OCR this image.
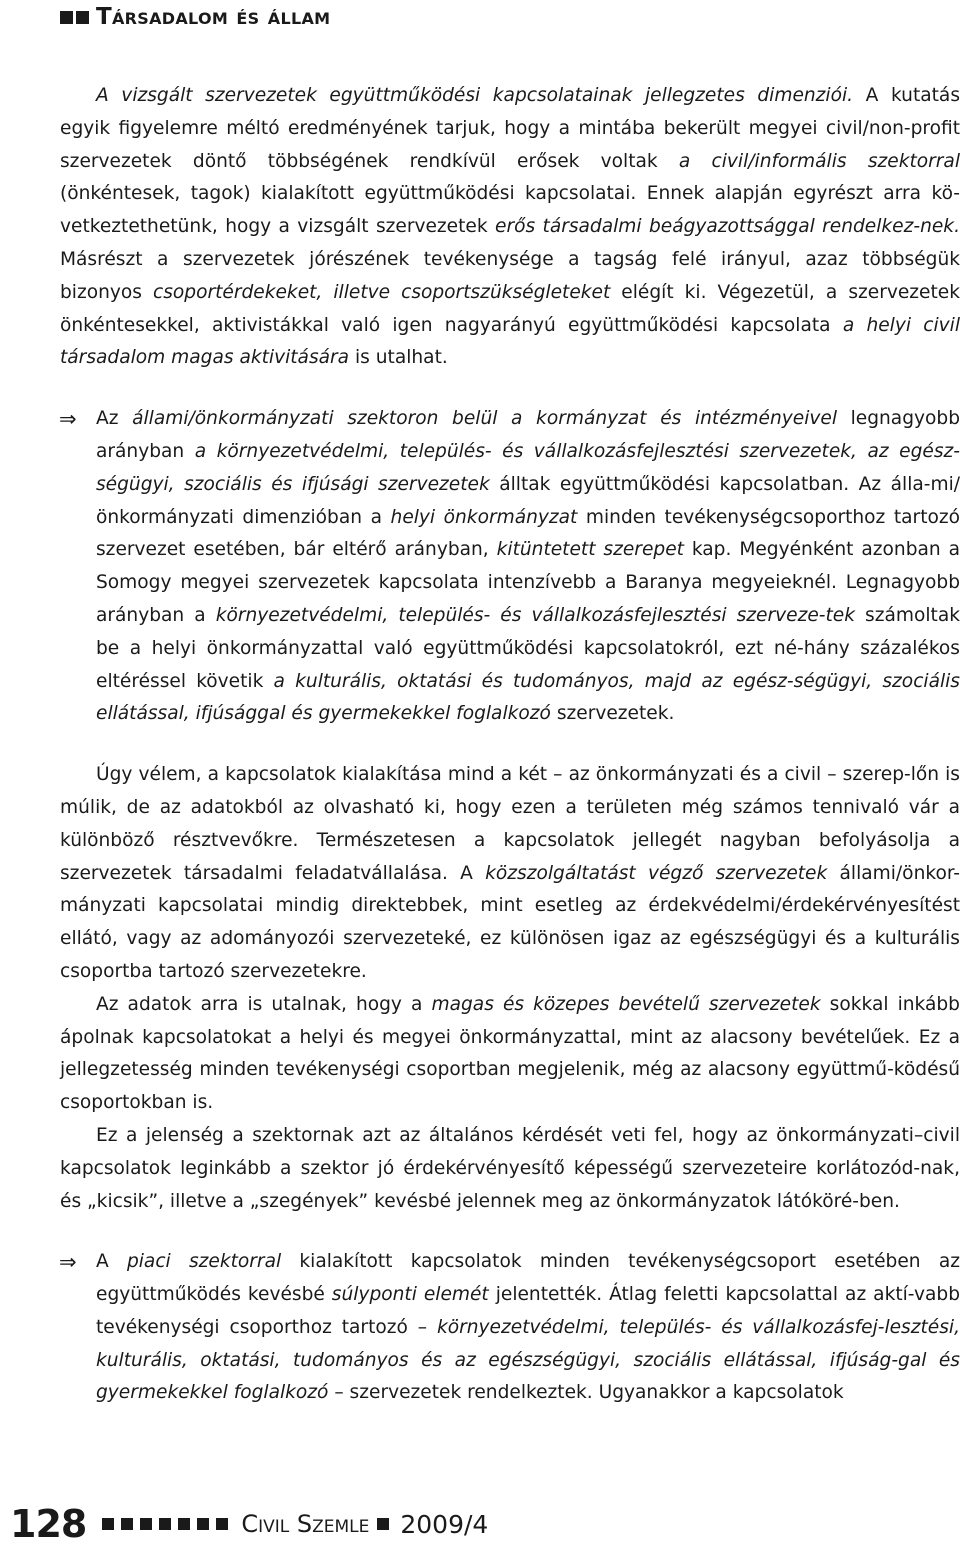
Társadalom és állam

A vizsgált szervezetek együttműködési kapcsolatainak jellegzetes dimenziói. A kutatás egyik figyelemre méltó eredményének tarjuk, hogy a mintába bekerült megyei civil/non-profit szervezetek döntő többségének rendkívül erősek voltak a civil/informális szektorral (önkéntesek, tagok) kialakított együttműködési kapcsolatai. Ennek alapján egyrészt arra kö-vetkeztethetünk, hogy a vizsgált szervezetek erős társadalmi beágyazottsággal rendelkez-nek. Másrészt a szervezetek jórészének tevékenysége a tagság felé irányul, azaz többségük bizonyos csoportérdekeket, illetve csoportszükségleteket elégít ki. Végezetül, a szervezetek önkéntesekkel, aktivistákkal való igen nagyarányú együttműködési kapcsolata a helyi civil társadalom magas aktivitására is utalhat.

⇒ Az állami/önkormányzati szektoron belül a kormányzat és intézményeivel legnagyobb arányban a környezetvédelmi, település- és vállalkozásfejlesztési szervezetek, az egész-ségügyi, szociális és ifjúsági szervezetek álltak együttműködési kapcsolatban. Az álla-mi/önkormányzati dimenzióban a helyi önkormányzat minden tevékenységcsoporthoz tartozó szervezet esetében, bár eltérő arányban, kitüntetett szerepet kap. Megyénként azonban a Somogy megyei szervezetek kapcsolata intenzívebb a Baranya megyeieknél. Legnagyobb arányban a környezetvédelmi, település- és vállalkozásfejlesztési szerveze-tek számoltak be a helyi önkormányzattal való együttműködési kapcsolatokról, ezt né-hány százalékos eltéréssel követik a kulturális, oktatási és tudományos, majd az egész-ségügyi, szociális ellátással, ifjúsággal és gyermekekkel foglalkozó szervezetek.

Úgy vélem, a kapcsolatok kialakítása mind a két – az önkormányzati és a civil – szerep-lőn is múlik, de az adatokból az olvasható ki, hogy ezen a területen még számos tennivaló vár a különböző résztvevőkre. Természetesen a kapcsolatok jellegét nagyban befolyásolja a szervezetek társadalmi feladatvállalása. A közszolgáltatást végző szervezetek állami/önkor-mányzati kapcsolatai mindig direktebbek, mint esetleg az érdekvédelmi/érdekérvényesítést ellátó, vagy az adományozói szervezeteké, ez különösen igaz az egészségügyi és a kulturális csoportba tartozó szervezetekre.

Az adatok arra is utalnak, hogy a magas és közepes bevételű szervezetek sokkal inkább ápolnak kapcsolatokat a helyi és megyei önkormányzattal, mint az alacsony bevételűek. Ez a jellegzetesség minden tevékenységi csoportban megjelenik, még az alacsony együttmű-ködésű csoportokban is.

Ez a jelenség a szektornak azt az általános kérdését veti fel, hogy az önkormányzati–civil kapcsolatok leginkább a szektor jó érdekérvényesítő képességű szervezeteire korlátozód-nak, és „kicsik”, illetve a „szegények” kevésbé jelennek meg az önkormányzatok látóköré-ben.

⇒ A piaci szektorral kialakított kapcsolatok minden tevékenységcsoport esetében az együttműködés kevésbé súlyponti elemét jelentették. Átlag feletti kapcsolattal az aktí-vabb tevékenységi csoporthoz tartozó – környezetvédelmi, település- és vállalkozásfej-lesztési, kulturális, oktatási, tudományos és az egészségügyi, szociális ellátással, ifjúság-gal és gyermekekkel foglalkozó – szervezetek rendelkeztek. Ugyanakkor a kapcsolatok

128	Civil Szemle 2009/4
